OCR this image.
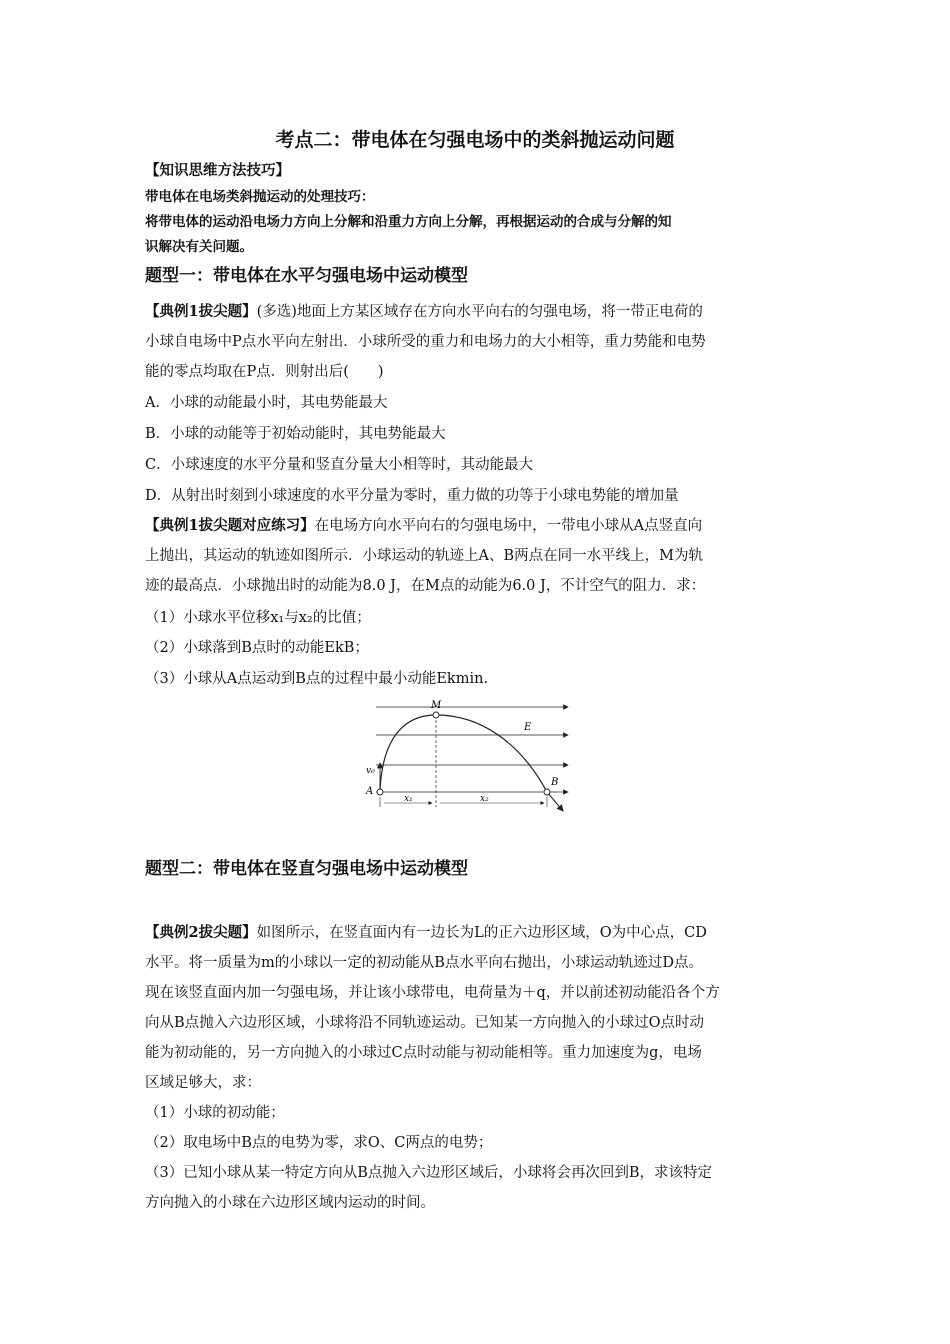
考点二：带电体在匀强电场中的类斜抛运动问题
【知识思维方法技巧】
带电体在电场类斜抛运动的处理技巧：
将带电体的运动沿电场力方向上分解和沿重力方向上分解，再根据运动的合成与分解的知
识解决有关问题。
题型一：带电体在水平匀强电场中运动模型
【典例1拔尖题】(多选)地面上方某区域存在方向水平向右的匀强电场，将一带正电荷的
小球自电场中P点水平向左射出．小球所受的重力和电场力的大小相等，重力势能和电势
能的零点均取在P点．则射出后(　　)
A．小球的动能最小时，其电势能最大
B．小球的动能等于初始动能时，其电势能最大
C．小球速度的水平分量和竖直分量大小相等时，其动能最大
D．从射出时刻到小球速度的水平分量为零时，重力做的功等于小球电势能的增加量
【典例1拔尖题对应练习】在电场方向水平向右的匀强电场中，一带电小球从A点竖直向
上抛出，其运动的轨迹如图所示．小球运动的轨迹上A、B两点在同一水平线上，M为轨
迹的最高点．小球抛出时的动能为8.0 J，在M点的动能为6.0 J，不计空气的阻力．求：
（1）小球水平位移x₁与x₂的比值；
（2）小球落到B点时的动能EkB；
（3）小球从A点运动到B点的过程中最小动能Ekmin.
M
E
v₀
A
B
x₁	x₂
题型二：带电体在竖直匀强电场中运动模型
【典例2拔尖题】如图所示，在竖直面内有一边长为L的正六边形区域，O为中心点，CD
水平。将一质量为m的小球以一定的初动能从B点水平向右抛出，小球运动轨迹过D点。
现在该竖直面内加一匀强电场，并让该小球带电，电荷量为＋q，并以前述初动能沿各个方
向从B点抛入六边形区域，小球将沿不同轨迹运动。已知某一方向抛入的小球过O点时动
能为初动能的，另一方向抛入的小球过C点时动能与初动能相等。重力加速度为g，电场
区域足够大，求：
（1）小球的初动能；
（2）取电场中B点的电势为零，求O、C两点的电势；
（3）已知小球从某一特定方向从B点抛入六边形区域后，小球将会再次回到B，求该特定
方向抛入的小球在六边形区域内运动的时间。
